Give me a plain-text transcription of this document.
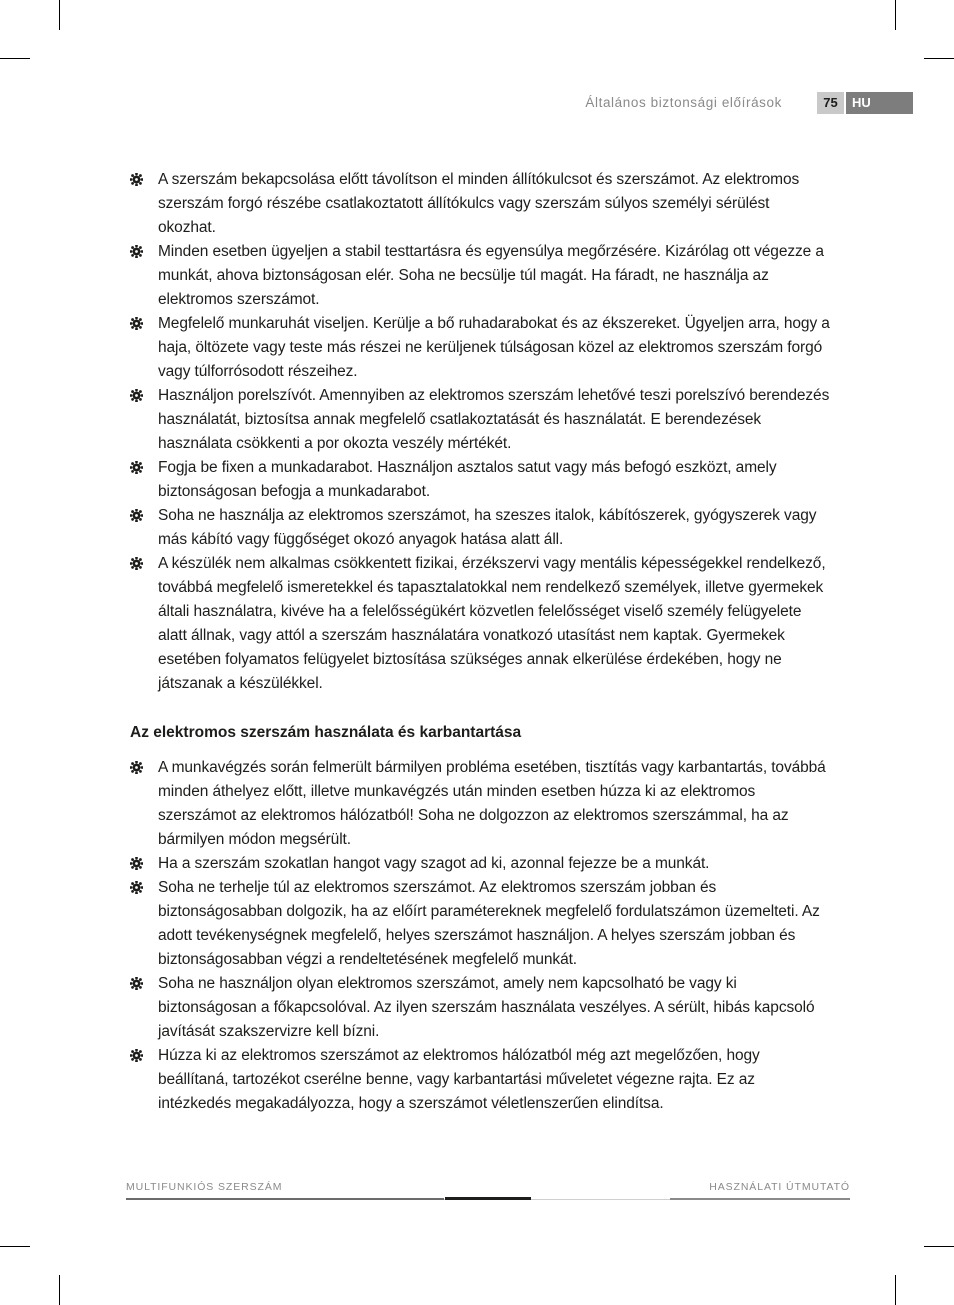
Általános biztonsági előírások	75	HU
A szerszám bekapcsolása előtt távolítson el minden állítókulcsot és szerszámot. Az elektromos szerszám forgó részébe csatlakoztatott állítókulcs vagy szerszám súlyos személyi sérülést okozhat.
Minden esetben ügyeljen a stabil testtartásra és egyensúlya megőrzésére. Kizárólag ott végezze a munkát, ahova biztonságosan elér. Soha ne becsülje túl magát. Ha fáradt, ne használja az elektromos szerszámot.
Megfelelő munkaruhát viseljen. Kerülje a bő ruhadarabokat és az ékszereket. Ügyeljen arra, hogy a haja, öltözete vagy teste más részei ne kerüljenek túlságosan közel az elektromos szerszám forgó vagy túlforrósodott részeihez.
Használjon porelszívót. Amennyiben az elektromos szerszám lehetővé teszi porelszívó berendezés használatát, biztosítsa annak megfelelő csatlakoztatását és használatát. E berendezések használata csökkenti a por okozta veszély mértékét.
Fogja be fixen a munkadarabot. Használjon asztalos satut vagy más befogó eszközt, amely biztonságosan befogja a munkadarabot.
Soha ne használja az elektromos szerszámot, ha szeszes italok, kábítószerek, gyógyszerek vagy más kábító vagy függőséget okozó anyagok hatása alatt áll.
A készülék nem alkalmas csökkentett fizikai, érzékszervi vagy mentális képességekkel rendelkező, továbbá megfelelő ismeretekkel és tapasztalatokkal nem rendelkező személyek, illetve gyermekek általi használatra, kivéve ha a felelősségükért közvetlen felelősséget viselő személy felügyelete alatt állnak, vagy attól a szerszám használatára vonatkozó utasítást nem kaptak. Gyermekek esetében folyamatos felügyelet biztosítása szükséges annak elkerülése érdekében, hogy ne játszanak a készülékkel.
Az elektromos szerszám használata és karbantartása
A munkavégzés során felmerült bármilyen probléma esetében, tisztítás vagy karbantartás, továbbá minden áthelyez előtt, illetve munkavégzés után minden esetben húzza ki az elektromos szerszámot az elektromos hálózatból! Soha ne dolgozzon az elektromos szerszámmal, ha az bármilyen módon megsérült.
Ha a szerszám szokatlan hangot vagy szagot ad ki, azonnal fejezze be a munkát.
Soha ne terhelje túl az elektromos szerszámot. Az elektromos szerszám jobban és biztonságosabban dolgozik, ha az előírt paramétereknek megfelelő fordulatszámon üzemelteti. Az adott tevékenységnek megfelelő, helyes szerszámot használjon. A helyes szerszám jobban és biztonságosabban végzi a rendeltetésének megfelelő munkát.
Soha ne használjon olyan elektromos szerszámot, amely nem kapcsolható be vagy ki biztonságosan a főkapcsolóval. Az ilyen szerszám használata veszélyes. A sérült, hibás kapcsoló javítását szakszervizre kell bízni.
Húzza ki az elektromos szerszámot az elektromos hálózatból még azt megelőzően, hogy beállítaná, tartozékot cserélne benne, vagy karbantartási műveletet végezne rajta. Ez az intézkedés megakadályozza, hogy a szerszámot véletlenszerűen elindítsa.
MULTIFUNKIÓS SZERSZÁM	HASZNÁLATI ÚTMUTATÓ
